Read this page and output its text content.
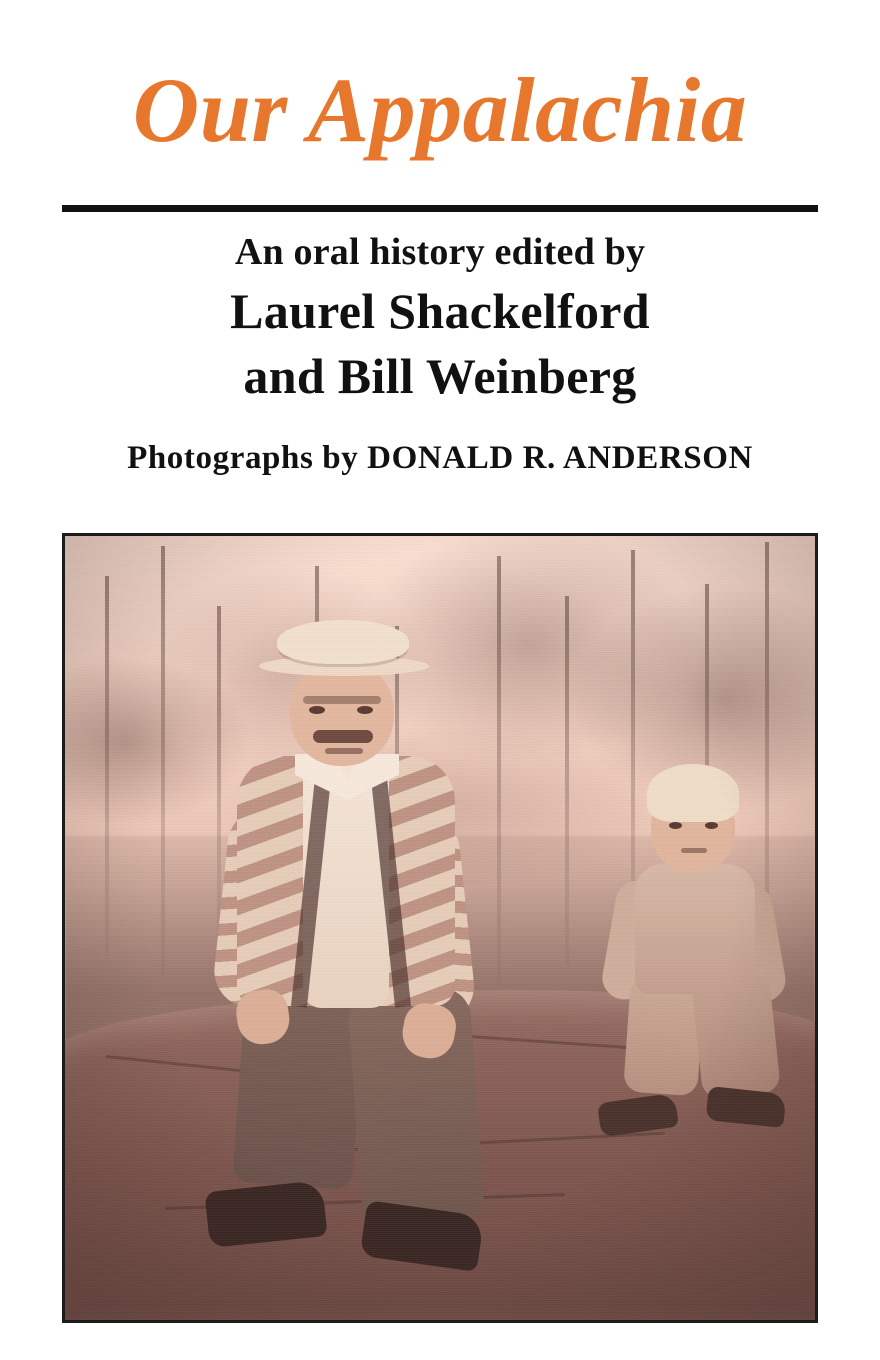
Our Appalachia
An oral history edited by
Laurel Shackelford
and Bill Weinberg
Photographs by DONALD R. ANDERSON
